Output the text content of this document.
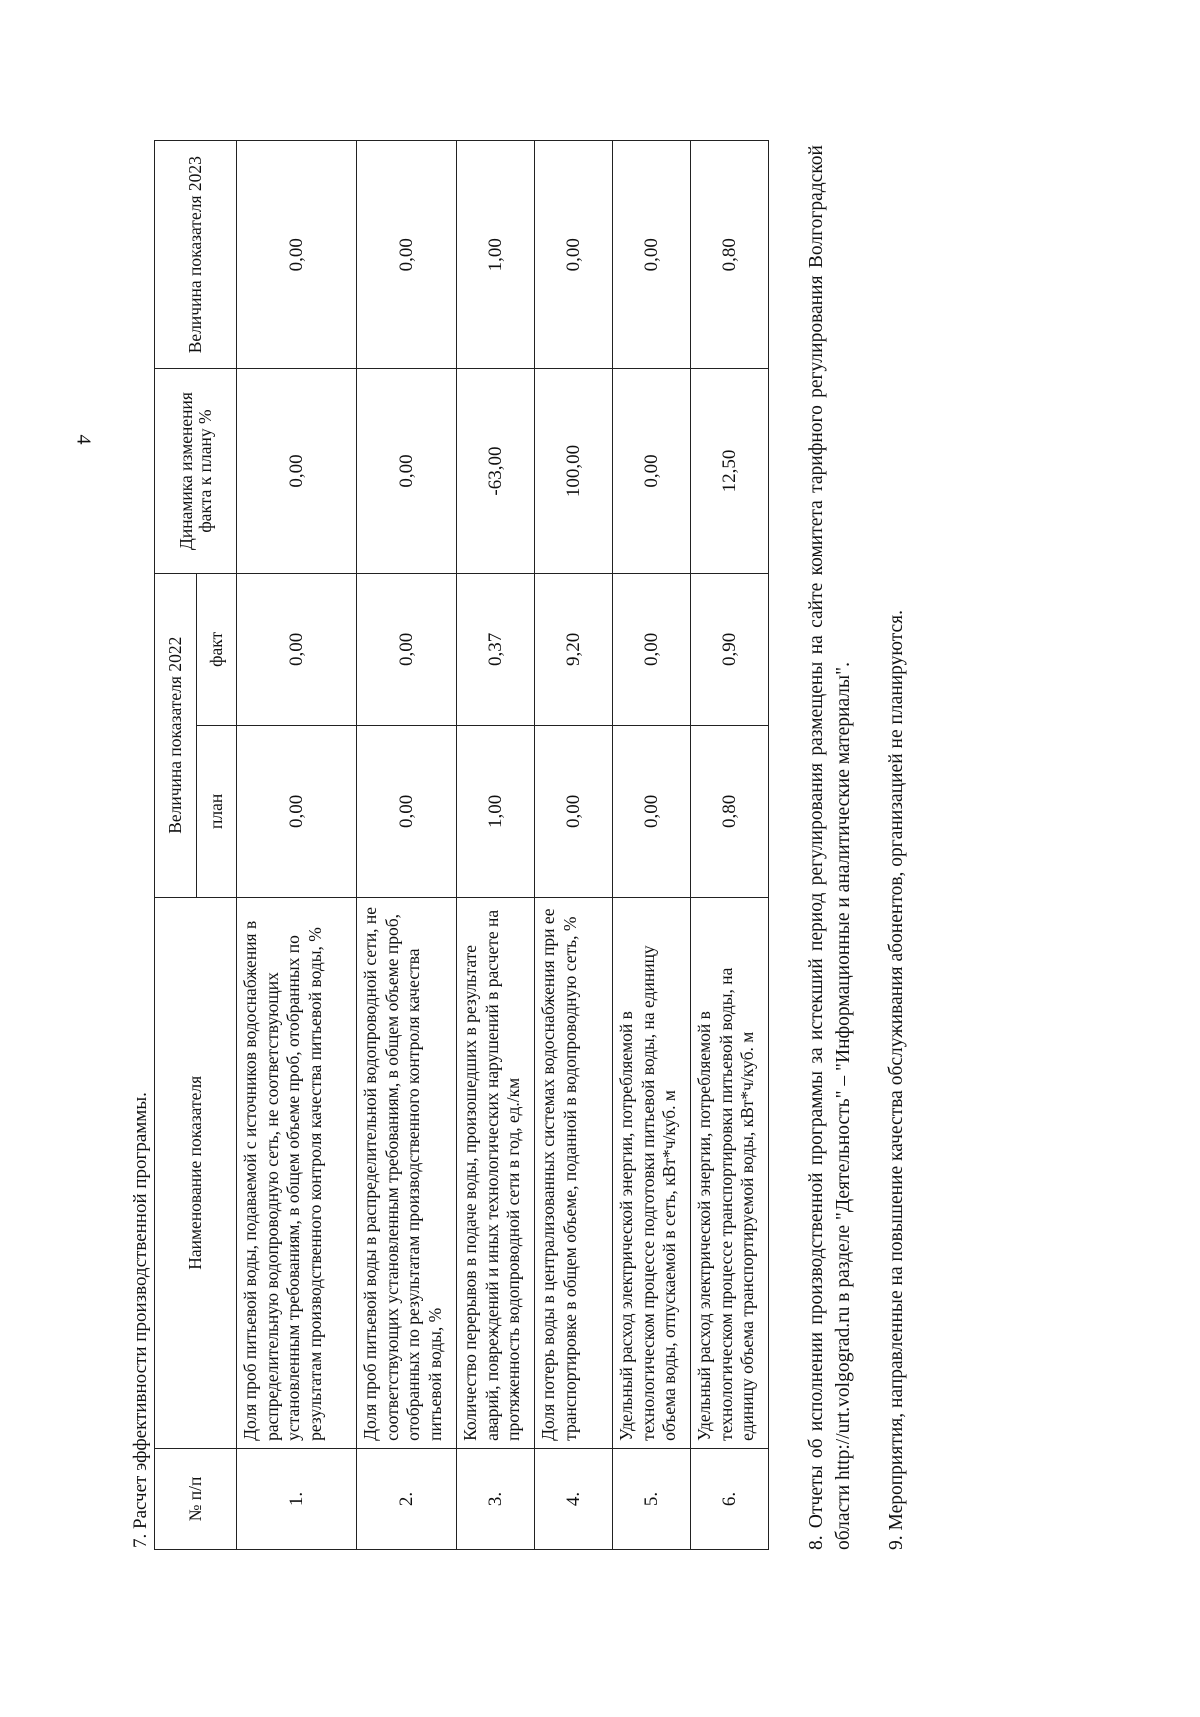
4
7. Расчет эффективности производственной программы. № п/п	Наименование показателя	Величина показателя 2022		Динамика изменения факта к плану %	Величина показателя 2023
		план	факт		
1.	Доля проб питьевой воды, подаваемой с источников водоснабжения в распределительную водопроводную сеть, не соответствующих установленным требованиям, в общем объеме проб, отобранных по результатам производственного контроля качества питьевой воды, %	0,00	0,00	0,00	0,00
2.	Доля проб питьевой воды в распределительной водопроводной сети, не соответствующих установленным требованиям, в общем объеме проб, отобранных по результатам производственного контроля качества питьевой воды, %	0,00	0,00	0,00	0,00
3.	Количество перерывов в подаче воды, произошедших в результате аварий, повреждений и иных технологических нарушений в расчете на протяженность водопроводной сети в год, ед./км	1,00	0,37	-63,00	1,00
4.	Доля потерь воды в централизованных системах водоснабжения при ее транспортировке в общем объеме, поданной в водопроводную сеть, %	0,00	9,20	100,00	0,00
5.	Удельный расход электрической энергии, потребляемой в технологическом процессе подготовки питьевой воды, на единицу объема воды, отпускаемой в сеть, кВт*ч/куб. м	0,00	0,00	0,00	0,00
6.	Удельный расход электрической энергии, потребляемой в технологическом процессе транспортировки питьевой воды, на единицу объема транспортируемой воды, кВт*ч/куб. м	0,80	0,90	12,50	0,80	8. Отчеты об исполнении производственной программы за истекший период регулирования размещены на сайте комитета тарифного регулирования Волгоградской области http://urt.volgograd.ru в разделе "Деятельность" – "Информационные и аналитические материалы". 9. Мероприятия, направленные на повышение качества обслуживания абонентов, организацией не планируются.
